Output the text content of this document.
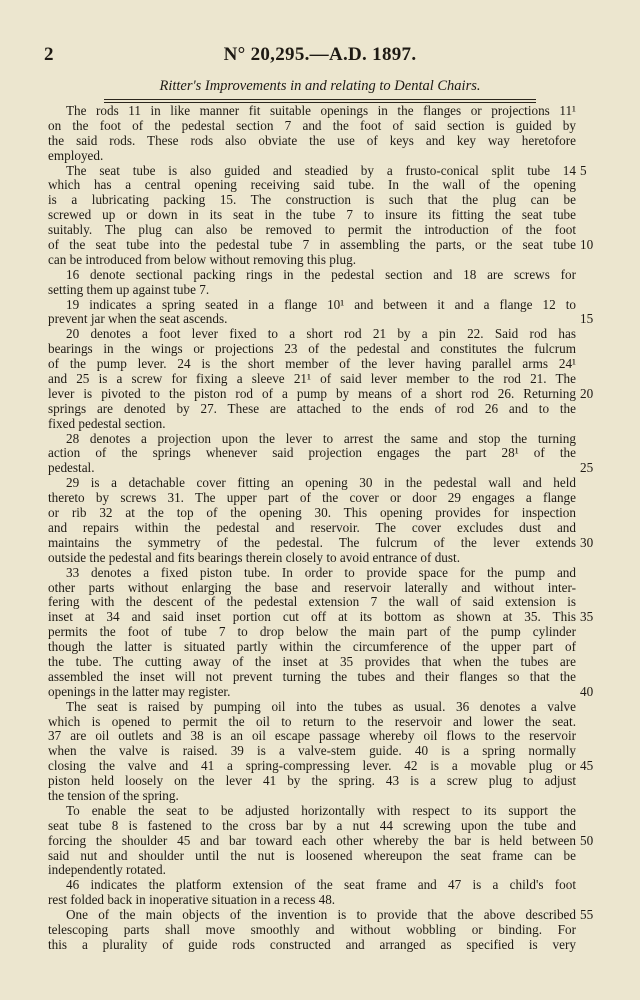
2	N° 20,295.—A.D. 1897.
Ritter's Improvements in and relating to Dental Chairs.
The rods 11 in like manner fit suitable openings in the flanges or projections 11¹
on the foot of the pedestal section 7 and the foot of said section is guided by
the said rods. These rods also obviate the use of keys and key way heretofore
employed.
The seat tube is also guided and steadied by a frusto-conical split tube 14 5
which has a central opening receiving said tube. In the wall of the opening
is a lubricating packing 15. The construction is such that the plug can be
screwed up or down in its seat in the tube 7 to insure its fitting the seat tube
suitably. The plug can also be removed to permit the introduction of the foot
of the seat tube into the pedestal tube 7 in assembling the parts, or the seat tube 10
can be introduced from below without removing this plug.
16 denote sectional packing rings in the pedestal section and 18 are screws for
setting them up against tube 7.
19 indicates a spring seated in a flange 10¹ and between it and a flange 12 to
prevent jar when the seat ascends.	15
20 denotes a foot lever fixed to a short rod 21 by a pin 22. Said rod has
bearings in the wings or projections 23 of the pedestal and constitutes the fulcrum
of the pump lever. 24 is the short member of the lever having parallel arms 24¹
and 25 is a screw for fixing a sleeve 21¹ of said lever member to the rod 21. The
lever is pivoted to the piston rod of a pump by means of a short rod 26. Returning 20
springs are denoted by 27. These are attached to the ends of rod 26 and to the
fixed pedestal section.
28 denotes a projection upon the lever to arrest the same and stop the turning
action of the springs whenever said projection engages the part 28¹ of the
pedestal.	25
29 is a detachable cover fitting an opening 30 in the pedestal wall and held
thereto by screws 31. The upper part of the cover or door 29 engages a flange
or rib 32 at the top of the opening 30. This opening provides for inspection
and repairs within the pedestal and reservoir. The cover excludes dust and
maintains the symmetry of the pedestal. The fulcrum of the lever extends 30
outside the pedestal and fits bearings therein closely to avoid entrance of dust.
33 denotes a fixed piston tube. In order to provide space for the pump and
other parts without enlarging the base and reservoir laterally and without inter-
fering with the descent of the pedestal extension 7 the wall of said extension is
inset at 34 and said inset portion cut off at its bottom as shown at 35. This 35
permits the foot of tube 7 to drop below the main part of the pump cylinder
though the latter is situated partly within the circumference of the upper part of
the tube. The cutting away of the inset at 35 provides that when the tubes are
assembled the inset will not prevent turning the tubes and their flanges so that the
openings in the latter may register.	40
The seat is raised by pumping oil into the tubes as usual. 36 denotes a valve
which is opened to permit the oil to return to the reservoir and lower the seat.
37 are oil outlets and 38 is an oil escape passage whereby oil flows to the reservoir
when the valve is raised. 39 is a valve-stem guide. 40 is a spring normally
closing the valve and 41 a spring-compressing lever. 42 is a movable plug or 45
piston held loosely on the lever 41 by the spring. 43 is a screw plug to adjust
the tension of the spring.
To enable the seat to be adjusted horizontally with respect to its support the
seat tube 8 is fastened to the cross bar by a nut 44 screwing upon the tube and
forcing the shoulder 45 and bar toward each other whereby the bar is held between 50
said nut and shoulder until the nut is loosened whereupon the seat frame can be
independently rotated.
46 indicates the platform extension of the seat frame and 47 is a child's foot
rest folded back in inoperative situation in a recess 48.
One of the main objects of the invention is to provide that the above described 55
telescoping parts shall move smoothly and without wobbling or binding. For
this a plurality of guide rods constructed and arranged as specified is very
